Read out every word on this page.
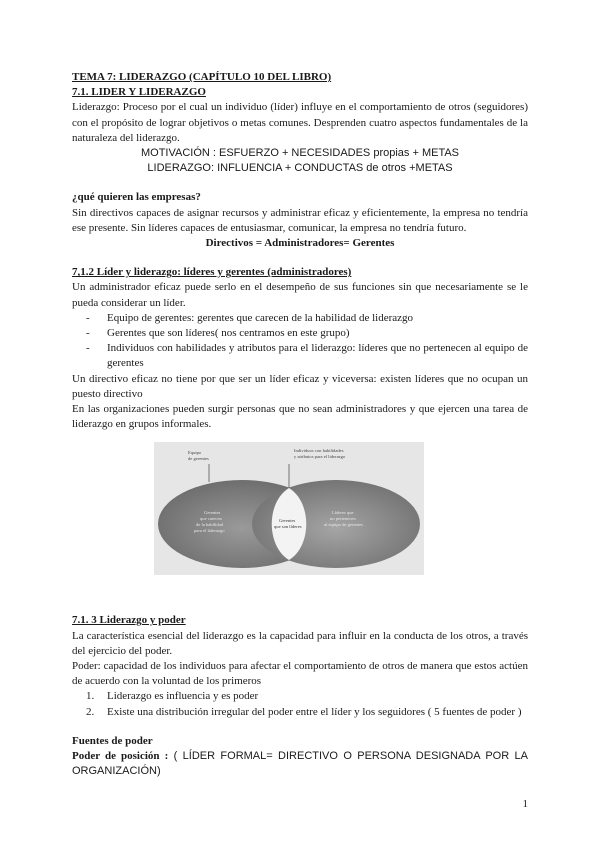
TEMA 7: LIDERAZGO (CAPÍTULO 10 DEL LIBRO)
7.1. LIDER Y LIDERAZGO
Liderazgo: Proceso por el cual un individuo (líder) influye en el comportamiento de otros (seguidores) con el propósito de lograr objetivos o metas comunes. Desprenden cuatro aspectos fundamentales de la naturaleza del liderazgo.
MOTIVACIÓN : ESFUERZO + NECESIDADES propias + METAS
LIDERAZGO: INFLUENCIA + CONDUCTAS de otros +METAS
¿qué quieren las empresas?
Sin directivos capaces de asignar recursos y administrar eficaz y eficientemente, la empresa no tendría ese presente. Sin líderes capaces de entusiasmar, comunicar, la empresa no tendría futuro.
Directivos = Administradores= Gerentes
7,1.2 Líder y liderazgo: líderes y gerentes (administradores)
Un administrador eficaz puede serlo en el desempeño de sus funciones sin que necesariamente se le pueda considerar un líder.
- Equipo de gerentes: gerentes que carecen de la habilidad de liderazgo
- Gerentes que son líderes( nos centramos en este grupo)
- Individuos con habilidades y atributos para el liderazgo: líderes que no pertenecen al equipo de gerentes
Un directivo eficaz no tiene por que ser un líder eficaz y viceversa: existen líderes que no ocupan un puesto directivo
En las organizaciones pueden surgir personas que no sean administradores y que ejercen una tarea de liderazgo en grupos informales.
Equipo
de gerentes
Individuos con habilidades
y atributos para el liderazgo
Gerentes
que carecen
de la habilidad
para el liderazgo
Gerentes
que son líderes
Líderes que
no pertenecen
al equipo de gerentes
7.1. 3 Liderazgo y poder
La característica esencial del liderazgo es la capacidad para influir en la conducta de los otros, a través del ejercicio del poder.
Poder: capacidad de los individuos para afectar el comportamiento de otros de manera que estos actúen de acuerdo con la voluntad de los primeros
1. Liderazgo es influencia y es poder
2. Existe una distribución irregular del poder entre el líder y los seguidores ( 5 fuentes de poder )
Fuentes de poder
Poder de posición : ( LÍDER FORMAL= DIRECTIVO O PERSONA DESIGNADA POR LA ORGANIZACIÓN)
1
